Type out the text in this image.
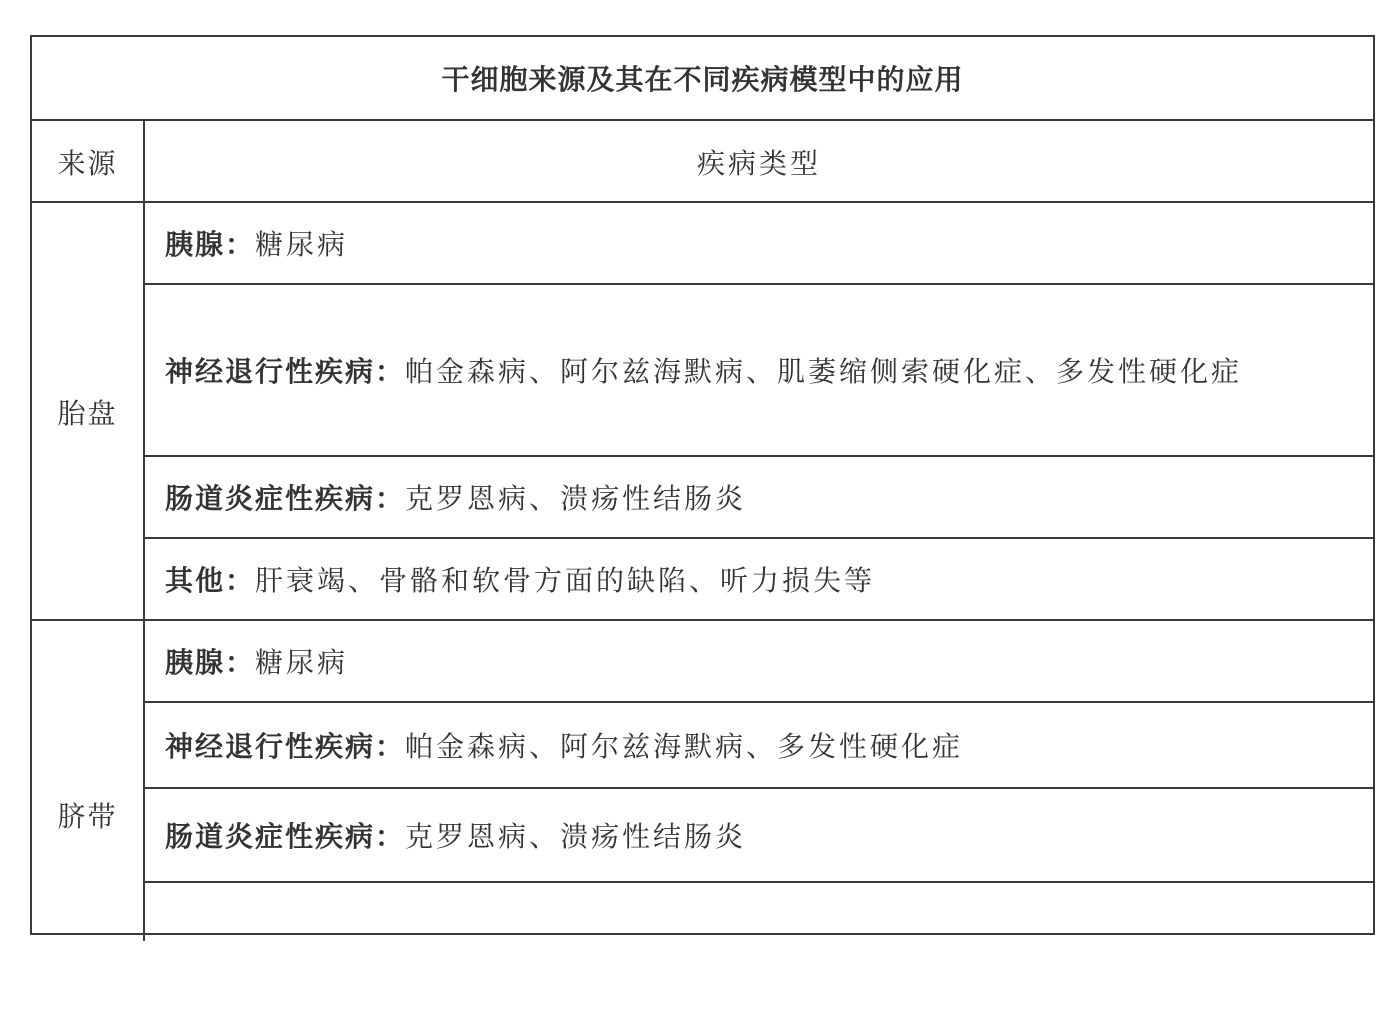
干细胞来源及其在不同疾病模型中的应用
来源	疾病类型
胎盘
胰腺： 糖尿病
神经退行性疾病： 帕金森病、阿尔兹海默病、肌萎缩侧索硬化症、多发性硬化症
肠道炎症性疾病： 克罗恩病、溃疡性结肠炎
其他： 肝衰竭、骨骼和软骨方面的缺陷、听力损失等
脐带
胰腺： 糖尿病
神经退行性疾病： 帕金森病、阿尔兹海默病、多发性硬化症
肠道炎症性疾病： 克罗恩病、溃疡性结肠炎
